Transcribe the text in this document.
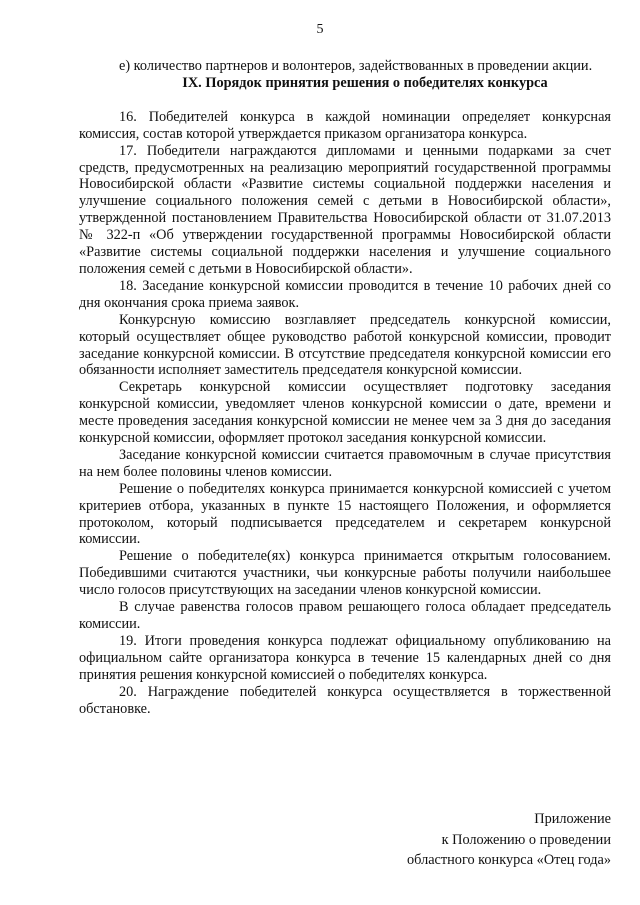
5

е) количество партнеров и волонтеров, задействованных в проведении акции.

IX. Порядок принятия решения о победителях конкурса

16. Победителей конкурса в каждой номинации определяет конкурсная комиссия, состав которой утверждается приказом организатора конкурса.

17. Победители награждаются дипломами и ценными подарками за счет средств, предусмотренных на реализацию мероприятий государственной программы Новосибирской области «Развитие системы социальной поддержки населения и улучшение социального положения семей с детьми в Новосибирской области», утвержденной постановлением Правительства Новосибирской области от 31.07.2013 № 322-п «Об утверждении государственной программы Новосибирской области «Развитие системы социальной поддержки населения и улучшение социального положения семей с детьми в Новосибирской области».

18. Заседание конкурсной комиссии проводится в течение 10 рабочих дней со дня окончания срока приема заявок.

Конкурсную комиссию возглавляет председатель конкурсной комиссии, который осуществляет общее руководство работой конкурсной комиссии, проводит заседание конкурсной комиссии. В отсутствие председателя конкурсной комиссии его обязанности исполняет заместитель председателя конкурсной комиссии.

Секретарь конкурсной комиссии осуществляет подготовку заседания конкурсной комиссии, уведомляет членов конкурсной комиссии о дате, времени и месте проведения заседания конкурсной комиссии не менее чем за 3 дня до заседания конкурсной комиссии, оформляет протокол заседания конкурсной комиссии.

Заседание конкурсной комиссии считается правомочным в случае присутствия на нем более половины членов комиссии.

Решение о победителях конкурса принимается конкурсной комиссией с учетом критериев отбора, указанных в пункте 15 настоящего Положения, и оформляется протоколом, который подписывается председателем и секретарем конкурсной комиссии.

Решение о победителе(ях) конкурса принимается открытым голосованием. Победившими считаются участники, чьи конкурсные работы получили наибольшее число голосов присутствующих на заседании членов конкурсной комиссии.

В случае равенства голосов правом решающего голоса обладает председатель комиссии.

19. Итоги проведения конкурса подлежат официальному опубликованию на официальном сайте организатора конкурса в течение 15 календарных дней со дня принятия решения конкурсной комиссией о победителях конкурса.

20. Награждение победителей конкурса осуществляется в торжественной обстановке.

Приложение
к Положению о проведении
областного конкурса «Отец года»
